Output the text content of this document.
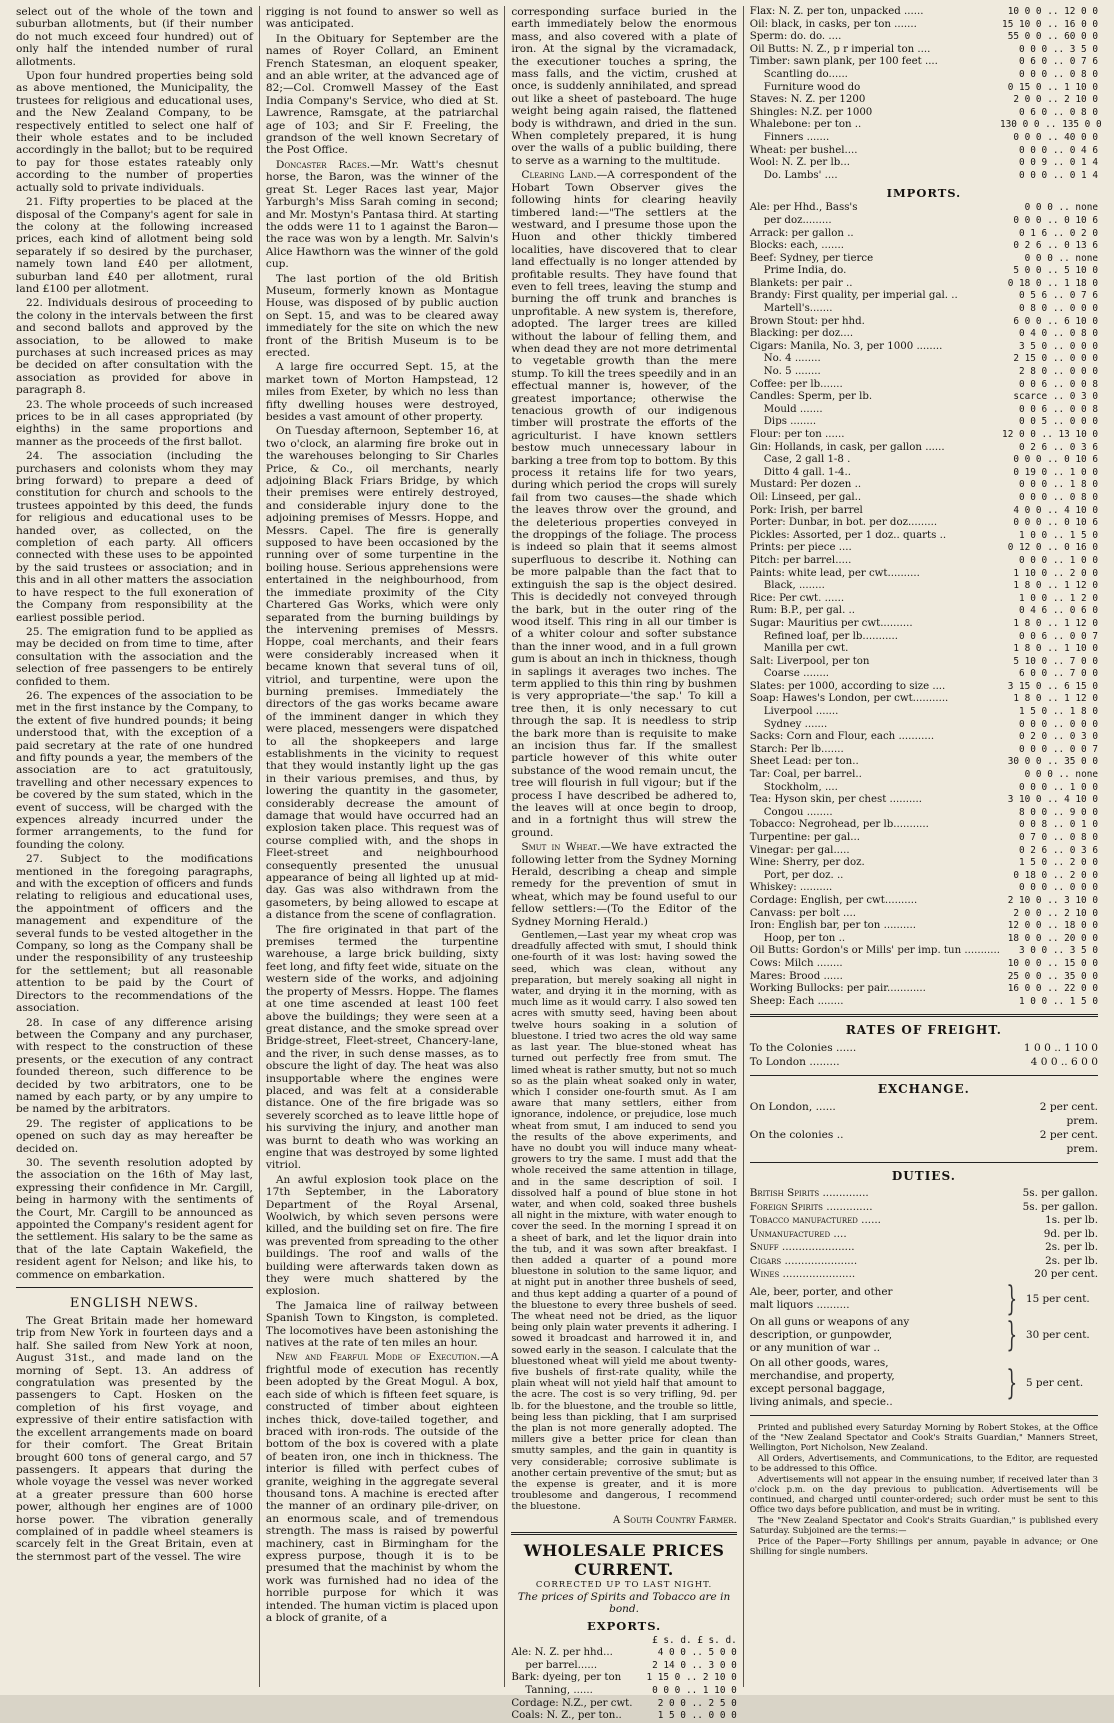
select out of the whole of the town and suburban allotments, but (if their number do not much exceed four hundred) out of only half the intended number of rural allotments.

Upon four hundred properties being sold as above mentioned, the Municipality, the trustees for religious and educational uses, and the New Zealand Company, to be respectively entitled to select one half of their whole estates and to be included accordingly in the ballot; but to be required to pay for those estates rateably only according to the number of properties actually sold to private individuals.

21. Fifty properties to be placed at the disposal of the Company's agent for sale in the colony at the following increased prices, each kind of allotment being sold separately if so desired by the purchaser, namely town land £40 per allotment, suburban land £40 per allotment, rural land £100 per allotment.

22. Individuals desirous of proceeding to the colony in the intervals between the first and second ballots and approved by the association, to be allowed to make purchases at such increased prices as may be decided on after consultation with the association as provided for above in paragraph 8.

23. The whole proceeds of such increased prices to be in all cases appropriated (by eighths) in the same proportions and manner as the proceeds of the first ballot.

24. The association (including the purchasers and colonists whom they may bring forward) to prepare a deed of constitution for church and schools to the trustees appointed by this deed, the funds for religious and educational uses to be handed over, as collected, on the completion of each party. All officers connected with these uses to be appointed by the said trustees or association; and in this and in all other matters the association to have respect to the full exoneration of the Company from responsibility at the earliest possible period.

25. The emigration fund to be applied as may be decided on from time to time, after consultation with the association and the selection of free passengers to be entirely confided to them.

26. The expences of the association to be met in the first instance by the Company, to the extent of five hundred pounds; it being understood that, with the exception of a paid secretary at the rate of one hundred and fifty pounds a year, the members of the association are to act gratuitously, travelling and other necessary expences to be covered by the sum stated, which in the event of success, will be charged with the expences already incurred under the former arrangements, to the fund for founding the colony.

27. Subject to the modifications mentioned in the foregoing paragraphs, and with the exception of officers and funds relating to religious and educational uses, the appointment of officers and the management and expenditure of the several funds to be vested altogether in the Company, so long as the Company shall be under the responsibility of any trusteeship for the settlement; but all reasonable attention to be paid by the Court of Directors to the recommendations of the association.

28. In case of any difference arising between the Company and any purchaser, with respect to the construction of these presents, or the execution of any contract founded thereon, such difference to be decided by two arbitrators, one to be named by each party, or by any umpire to be named by the arbitrators.

29. The register of applications to be opened on such day as may hereafter be decided on.

30. The seventh resolution adopted by the association on the 16th of May last, expressing their confidence in Mr. Cargill, being in harmony with the sentiments of the Court, Mr. Cargill to be announced as appointed the Company's resident agent for the settlement. His salary to be the same as that of the late Captain Wakefield, the resident agent for Nelson; and like his, to commence on embarkation.

ENGLISH NEWS.

The Great Britain made her homeward trip from New York in fourteen days and a half. She sailed from New York at noon, August 31st., and made land on the morning of Sept. 13. An address of congratulation was presented by the passengers to Capt. Hosken on the completion of his first voyage, and expressive of their entire satisfaction with the excellent arrangements made on board for their comfort. The Great Britain brought 600 tons of general cargo, and 57 passengers. It appears that during the whole voyage the vessel was never worked at a greater pressure than 600 horse power, although her engines are of 1000 horse power. The vibration generally complained of in paddle wheel steamers is scarcely felt in the Great Britain, even at the sternmost part of the vessel. The wire

rigging is not found to answer so well as was anticipated.

In the Obituary for September are the names of Royer Collard, an Eminent French Statesman, an eloquent speaker, and an able writer, at the advanced age of 82;—Col. Cromwell Massey of the East India Company's Service, who died at St. Lawrence, Ramsgate, at the patriarchal age of 103; and Sir F. Freeling, the grandson of the well known Secretary of the Post Office.

Doncaster Races.—Mr. Watt's chesnut horse, the Baron, was the winner of the great St. Leger Races last year, Major Yarburgh's Miss Sarah coming in second; and Mr. Mostyn's Pantasa third. At starting the odds were 11 to 1 against the Baron—the race was won by a length. Mr. Salvin's Alice Hawthorn was the winner of the gold cup.

The last portion of the old British Museum, formerly known as Montague House, was disposed of by public auction on Sept. 15, and was to be cleared away immediately for the site on which the new front of the British Museum is to be erected.

A large fire occurred Sept. 15, at the market town of Morton Hampstead, 12 miles from Exeter, by which no less than fifty dwelling houses were destroyed, besides a vast amount of other property.

On Tuesday afternoon, September 16, at two o'clock, an alarming fire broke out in the warehouses belonging to Sir Charles Price, & Co., oil merchants, nearly adjoining Black Friars Bridge, by which their premises were entirely destroyed, and considerable injury done to the adjoining premises of Messrs. Hoppe, and Messrs. Capel. The fire is generally supposed to have been occasioned by the running over of some turpentine in the boiling house. Serious apprehensions were entertained in the neighbourhood, from the immediate proximity of the City Chartered Gas Works, which were only separated from the burning buildings by the intervening premises of Messrs. Hoppe, coal merchants, and their fears were considerably increased when it became known that several tuns of oil, vitriol, and turpentine, were upon the burning premises. Immediately the directors of the gas works became aware of the imminent danger in which they were placed, messengers were dispatched to all the shopkeepers and large establishments in the vicinity to request that they would instantly light up the gas in their various premises, and thus, by lowering the quantity in the gasometer, considerably decrease the amount of damage that would have occurred had an explosion taken place. This request was of course complied with, and the shops in Fleet-street and neighbourhood consequently presented the unusual appearance of being all lighted up at mid-day. Gas was also withdrawn from the gasometers, by being allowed to escape at a distance from the scene of conflagration.

The fire originated in that part of the premises termed the turpentine warehouse, a large brick building, sixty feet long, and fifty feet wide, situate on the western side of the works, and adjoining the property of Messrs. Hoppe. The flames at one time ascended at least 100 feet above the buildings; they were seen at a great distance, and the smoke spread over Bridge-street, Fleet-street, Chancery-lane, and the river, in such dense masses, as to obscure the light of day. The heat was also insupportable where the engines were placed, and was felt at a considerable distance. One of the fire brigade was so severely scorched as to leave little hope of his surviving the injury, and another man was burnt to death who was working an engine that was destroyed by some lighted vitriol.

An awful explosion took place on the 17th September, in the Laboratory Department of the Royal Arsenal, Woolwich, by which seven persons were killed, and the building set on fire. The fire was prevented from spreading to the other buildings. The roof and walls of the building were afterwards taken down as they were much shattered by the explosion.

The Jamaica line of railway between Spanish Town to Kingston, is completed. The locomotives have been astonishing the natives at the rate of ten miles an hour.

New and Fearful Mode of Execution.—A frightful mode of execution has recently been adopted by the Great Mogul. A box, each side of which is fifteen feet square, is constructed of timber about eighteen inches thick, dove-tailed together, and braced with iron-rods. The outside of the bottom of the box is covered with a plate of beaten iron, one inch in thickness. The interior is filled with perfect cubes of granite, weighing in the aggregate several thousand tons. A machine is erected after the manner of an ordinary pile-driver, on an enormous scale, and of tremendous strength. The mass is raised by powerful machinery, cast in Birmingham for the express purpose, though it is to be presumed that the machinist by whom the work was furnished had no idea of the horrible purpose for which it was intended. The human victim is placed upon a block of granite, of a

corresponding surface buried in the earth immediately below the enormous mass, and also covered with a plate of iron. At the signal by the vicramadack, the executioner touches a spring, the mass falls, and the victim, crushed at once, is suddenly annihilated, and spread out like a sheet of pasteboard. The huge weight being again raised, the flattened body is withdrawn, and dried in the sun. When completely prepared, it is hung over the walls of a public building, there to serve as a warning to the multitude.

Clearing Land.—A correspondent of the Hobart Town Observer gives the following hints for clearing heavily timbered land:—"The settlers at the westward, and I presume those upon the Huon and other thickly timbered localities, have discovered that to clear land effectually is no longer attended by profitable results. They have found that even to fell trees, leaving the stump and burning the off trunk and branches is unprofitable. A new system is, therefore, adopted. The larger trees are killed without the labour of felling them, and when dead they are not more detrimental to vegetable growth than the mere stump. To kill the trees speedily and in an effectual manner is, however, of the greatest importance; otherwise the tenacious growth of our indigenous timber will prostrate the efforts of the agriculturist. I have known settlers bestow much unnecessary labour in barking a tree from top to bottom. By this process it retains life for two years, during which period the crops will surely fail from two causes—the shade which the leaves throw over the ground, and the deleterious properties conveyed in the droppings of the foliage. The process is indeed so plain that it seems almost superfluous to describe it. Nothing can be more palpable than the fact that to extinguish the sap is the object desired. This is decidedly not conveyed through the bark, but in the outer ring of the wood itself. This ring in all our timber is of a whiter colour and softer substance than the inner wood, and in a full grown gum is about an inch in thickness, though in saplings it averages two inches. The term applied to this thin ring by bushmen is very appropriate—'the sap.' To kill a tree then, it is only necessary to cut through the sap. It is needless to strip the bark more than is requisite to make an incision thus far. If the smallest particle however of this white outer substance of the wood remain uncut, the tree will flourish in full vigour; but if the process I have described be adhered to, the leaves will at once begin to droop, and in a fortnight thus will strew the ground.

Smut in Wheat.—We have extracted the following letter from the Sydney Morning Herald, describing a cheap and simple remedy for the prevention of smut in wheat, which may be found useful to our fellow settlers:—(To the Editor of the Sydney Morning Herald.)

Gentlemen,—Last year my wheat crop was dreadfully affected with smut, I should think one-fourth of it was lost: having sowed the seed, which was clean, without any preparation, but merely soaking all night in water, and drying it in the morning, with as much lime as it would carry. I also sowed ten acres with smutty seed, having been about twelve hours soaking in a solution of bluestone. I tried two acres the old way same as last year. The blue-stoned wheat has turned out perfectly free from smut. The limed wheat is rather smutty, but not so much so as the plain wheat soaked only in water, which I consider one-fourth smut. As I am aware that many settlers, either from ignorance, indolence, or prejudice, lose much wheat from smut, I am induced to send you the results of the above experiments, and have no doubt you will induce many wheat-growers to try the same. I must add that the whole received the same attention in tillage, and in the same description of soil. I dissolved half a pound of blue stone in hot water, and when cold, soaked three bushels all night in the mixture, with water enough to cover the seed. In the morning I spread it on a sheet of bark, and let the liquor drain into the tub, and it was sown after breakfast. I then added a quarter of a pound more bluestone in solution to the same liquor, and at night put in another three bushels of seed, and thus kept adding a quarter of a pound of the bluestone to every three bushels of seed. The wheat need not be dried, as the liquor being only plain water prevents it adhering. I sowed it broadcast and harrowed it in, and sowed early in the season. I calculate that the bluestoned wheat will yield me about twenty-five bushels of first-rate quality, while the plain wheat will not yield half that amount to the acre. The cost is so very trifling, 9d. per lb. for the bluestone, and the trouble so little, being less than pickling, that I am surprised the plan is not more generally adopted. The millers give a better price for clean than smutty samples, and the gain in quantity is very considerable; corrosive sublimate is another certain preventive of the smut; but as the expense is greater, and it is more troublesome and dangerous, I recommend the bluestone.

A South Country Farmer.
WHOLESALE PRICES CURRENT.
CORRECTED UP TO LAST NIGHT.
The prices of Spirits and Tobacco are in bond.
EXPORTS.
£ s. d. £ s. d.
Ale: N. Z. per hhd...	4 0 0 .. 5 0 0
per barrel......	2 14 0 .. 3 0 0
Bark: dyeing, per ton	1 15 0 .. 2 10 0
Tanning, ......	0 0 0 .. 1 10 0
Cordage: N.Z., per cwt.	2 0 0 .. 2 5 0
Coals: N. Z., per ton..	1 5 0 .. 0 0 0
Flax: N. Z. per ton, unpacked ......	10 0 0 .. 12 0 0
Oil: black, in casks, per ton .......	15 10 0 .. 16 0 0
Sperm: do. do. ....	55 0 0 .. 60 0 0
Oil Butts: N. Z., p r imperial ton ....	0 0 0 .. 3 5 0
Timber: sawn plank, per 100 feet ....	0 6 0 .. 0 7 6
Scantling do......	0 0 0 .. 0 8 0
Furniture wood do	0 15 0 .. 1 10 0
Staves: N. Z. per 1200	2 0 0 .. 2 10 0
Shingles: N.Z. per 1000	0 6 0 .. 0 8 0
Whalebone: per ton ..	130 0 0 .. 135 0 0
Finners .......	0 0 0 .. 40 0 0
Wheat: per bushel....	0 0 0 .. 0 4 6
Wool: N. Z. per lb...	0 0 9 .. 0 1 4
Do. Lambs' ....	0 0 0 .. 0 1 4
IMPORTS.
Ale: per Hhd., Bass's	0 0 0 .. none
per doz.........	0 0 0 .. 0 10 6
Arrack: per gallon ..	0 1 6 .. 0 2 0
Blocks: each, .......	0 2 6 .. 0 13 6
Beef: Sydney, per tierce	0 0 0 .. none
Prime India, do.	5 0 0 .. 5 10 0
Blankets: per pair ..	0 18 0 .. 1 18 0
Brandy: First quality, per imperial gal. ..	0 5 6 .. 0 7 6
Martell's.......	0 8 0 .. 0 0 0
Brown Stout: per hhd.	6 0 0 .. 6 10 0
Blacking: per doz....	0 4 0 .. 0 8 0
Cigars: Manila, No. 3, per 1000 ........	3 5 0 .. 0 0 0
No. 4 ........	2 15 0 .. 0 0 0
No. 5 ........	2 8 0 .. 0 0 0
Coffee: per lb.......	0 0 6 .. 0 0 8
Candles: Sperm, per lb.	scarce .. 0 3 0
Mould .......	0 0 6 .. 0 0 8
Dips ........	0 0 5 .. 0 0 0
Flour: per ton ......	12 0 0 .. 13 10 0
Gin: Hollands, in cask, per gallon ......	0 2 6 .. 0 3 6
Case, 2 gall 1-8 .	0 0 0 .. 0 10 6
Ditto 4 gall. 1-4..	0 19 0 .. 1 0 0
Mustard: Per dozen ..	0 0 0 .. 1 8 0
Oil: Linseed, per gal..	0 0 0 .. 0 8 0
Pork: Irish, per barrel	4 0 0 .. 4 10 0
Porter: Dunbar, in bot. per doz.........	0 0 0 .. 0 10 6
Pickles: Assorted, per 1 doz.. quarts ..	1 0 0 .. 1 5 0
Prints: per piece ....	0 12 0 .. 0 16 0
Pitch: per barrel.....	0 0 0 .. 1 0 0
Paints: white lead, per cwt..........	1 10 0 .. 2 0 0
Black, ........	1 8 0 .. 1 12 0
Rice: Per cwt. ......	1 0 0 .. 1 2 0
Rum: B.P., per gal. ..	0 4 6 .. 0 6 0
Sugar: Mauritius per cwt..........	1 8 0 .. 1 12 0
Refined loaf, per lb...........	0 0 6 .. 0 0 7
Manilla per cwt.	1 8 0 .. 1 10 0
Salt: Liverpool, per ton	5 10 0 .. 7 0 0
Coarse ........	6 0 0 .. 7 0 0
Slates: per 1000, according to size ....	3 15 0 .. 6 15 0
Soap: Hawes's London, per cwt...........	1 8 0 .. 1 12 0
Liverpool .......	1 5 0 .. 1 8 0
Sydney .......	0 0 0 .. 0 0 0
Sacks: Corn and Flour, each ...........	0 2 0 .. 0 3 0
Starch: Per lb.......	0 0 0 .. 0 0 7
Sheet Lead: per ton..	30 0 0 .. 35 0 0
Tar: Coal, per barrel..	0 0 0 .. none
Stockholm, ....	0 0 0 .. 1 0 0
Tea: Hyson skin, per chest ..........	3 10 0 .. 4 10 0
Congou ........	8 0 0 .. 9 0 0
Tobacco: Negrohead, per lb...........	0 0 8 .. 0 1 0
Turpentine: per gal...	0 7 0 .. 0 8 0
Vinegar: per gal.....	0 2 6 .. 0 3 6
Wine: Sherry, per doz.	1 5 0 .. 2 0 0
Port, per doz. ..	0 18 0 .. 2 0 0
Whiskey: ..........	0 0 0 .. 0 0 0
Cordage: English, per cwt..........	2 10 0 .. 3 10 0
Canvass: per bolt ....	2 0 0 .. 2 10 0
Iron: English bar, per ton ..........	12 0 0 .. 18 0 0
Hoop, per ton ..	18 0 0 .. 20 0 0
Oil Butts: Gordon's or Mills' per imp. tun ...........	3 0 0 .. 3 5 0
Cows: Milch ........	10 0 0 .. 15 0 0
Mares: Brood ......	25 0 0 .. 35 0 0
Working Bullocks: per pair............	16 0 0 .. 22 0 0
Sheep: Each ........	1 0 0 .. 1 5 0
RATES OF FREIGHT.
To the Colonies ......	1 0 0 .. 1 10 0
To London .........	4 0 0 .. 6 0 0
EXCHANGE.
On London, ......	2 per cent. prem.
On the colonies ..	2 per cent. prem.
DUTIES.
British Spirits ..............	5s. per gallon.
Foreign Spirits ..............	5s. per gallon.
Tobacco manufactured ......	1s. per lb.
Unmanufactured ....	9d. per lb.
Snuff ......................	2s. per lb.
Cigars ......................	2s. per lb.
Wines ......................	20 per cent.
Ale, beer, porter, and other
malt liquors ..........	} 15 per cent.
On all guns or weapons of any
description, or gunpowder,
or any munition of war ..	} 30 per cent.
On all other goods, wares,
merchandise, and property,
except personal baggage,
living animals, and specie..	} 5 per cent.
Printed and published every Saturday Morning by Robert Stokes, at the Office of the "New Zealand Spectator and Cook's Straits Guardian," Manners Street, Wellington, Port Nicholson, New Zealand.
All Orders, Advertisements, and Communications, to the Editor, are requested to be addressed to this Office.
Advertisements will not appear in the ensuing number, if received later than 3 o'clock p.m. on the day previous to publication. Advertisements will be continued, and charged until counter-ordered; such order must be sent to this Office two days before publication, and must be in writing.
The "New Zealand Spectator and Cook's Straits Guardian," is published every Saturday. Subjoined are the terms:—
Price of the Paper—Forty Shillings per annum, payable in advance; or One Shilling for single numbers.
